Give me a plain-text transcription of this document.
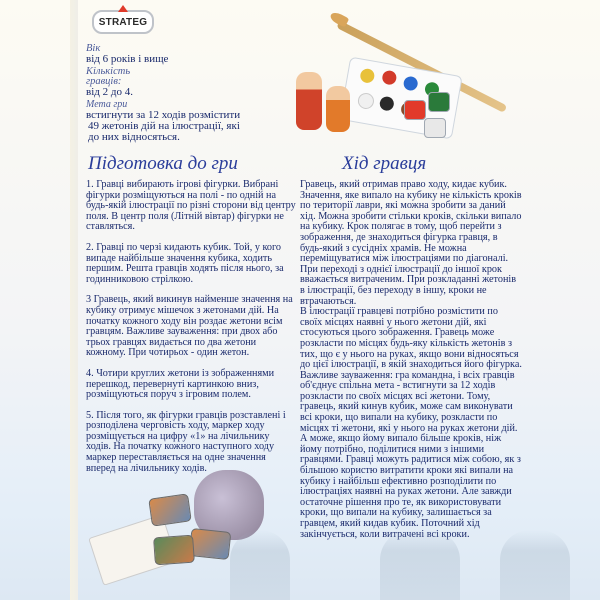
STRATEG
Вік
від 6 років і вище
Кількість
гравців:
від 2 до 4.
Мета гри
встигнути за 12 ходів розмістити
49 жетонів дій на ілюстрації, які
до них відносяться.
Підготовка до гри	Хід гравця

1. Гравці вибирають ігрові фігурки. Вибрані фігурки розміщуються на полі - по одній на будь-якій ілюстрації по різні сторони від центру поля. В центр поля (Літній вівтар) фігурки не ставляться.

2. Гравці по черзі кидають кубик. Той, у кого випаде найбільше значення кубика, ходить першим. Решта гравців ходять після нього, за годинниковою стрілкою.

3 Гравець, який викинув найменше значення на кубику отримує мішечок з жетонами дій. На початку кожного ходу він роздає жетони всім гравцям. Важливе зауваження: при двох або трьох гравцях видається по два жетони кожному. При чотирьох - один жетон.

4. Чотири круглих жетони із зображеннями перешкод, перевернуті картинкою вниз, розміщуються поруч з ігровим полем.

5. Після того, як фігурки гравців розставлені і розподілена черговість ходу, маркер ходу розміщується на цифру «1» на лічильнику ходів. На початку кожного наступного ходу маркер переставляється на одне значення вперед на лічильнику ходів.

Гравець, який отримав право ходу, кидає кубик. Значення, яке випало на кубику не кількість кроків по території лаври, які можна зробити за даний хід. Можна зробити стільки кроків, скільки випало на кубику. Крок полягає в тому, щоб перейти з зображення, де знаходиться фігурка гравця, в будь-який з сусідніх храмів. Не можна переміщуватися між ілюстраціями по діагоналі. При переході з однієї ілюстрації до іншої крок вважається витраченим. При розкладанні жетонів в ілюстрації, без переходу в іншу, кроки не втрачаються.

В ілюстрації гравцеві потрібно розмістити по своїх місцях наявні у нього жетони дій, які стосуються цього зображення. Гравець може розкласти по місцях будь-яку кількість жетонів з тих, що є у нього на руках, якщо вони відносяться до цієї ілюстрації, в якій знаходиться його фігурка.

Важливе зауваження: гра командна, і всіх гравців об'єднує спільна мета - встигнути за 12 ходів розкласти по своїх місцях всі жетони. Тому, гравець, який кинув кубик, може сам виконувати всі кроки, що випали на кубику, розкласти по місцях ті жетони, які у нього на руках жетони дій. А може, якщо йому випало більше кроків, ніж йому потрібно, поділитися ними з іншими гравцями. Гравці можуть радитися між собою, як з більшою користю витратити кроки які випали на кубику і найбільш ефективно розподілити по ілюстраціях наявні на руках жетони. Але завжди остаточне рішення про те, як використовувати кроки, що випали на кубику, залишається за гравцем, який кидав кубик. Поточний хід закінчується, коли витрачені всі кроки.
